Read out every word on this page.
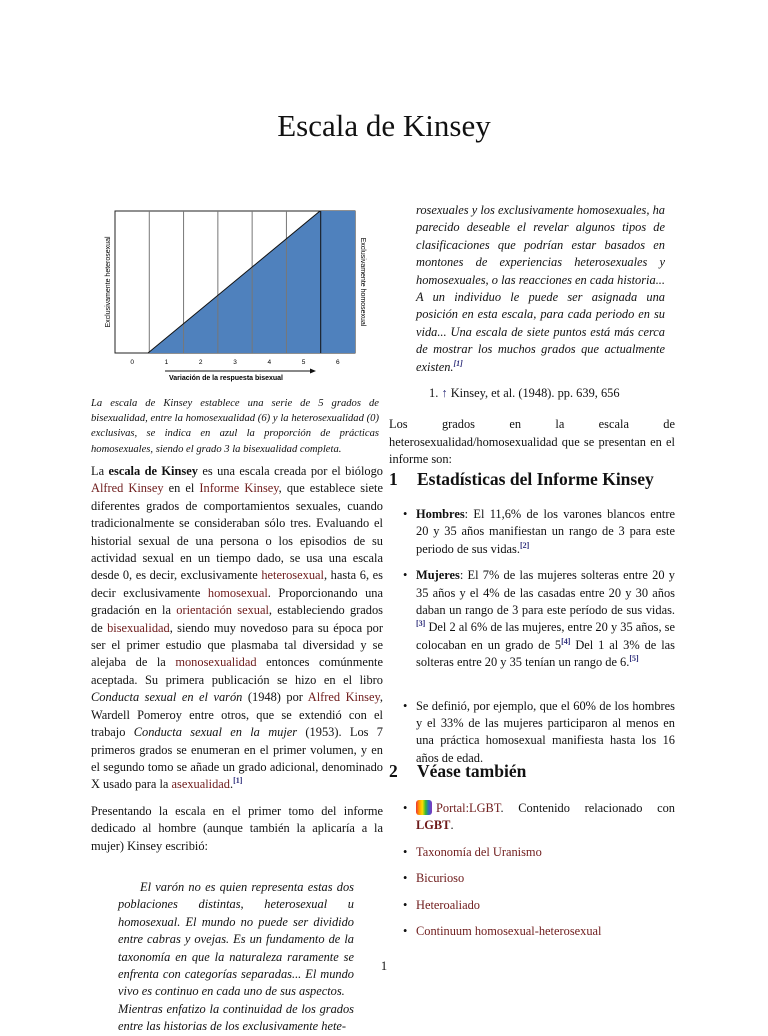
Escala de Kinsey
Exclusivamente heterosexual	Exclusivamente homosexual
0	1	2	3	4	5	6
Variación de la respuesta bisexual
La escala de Kinsey establece una serie de 5 grados de bisexualidad, entre la homosexualidad (6) y la heterosexualidad (0) exclusivas, se indica en azul la proporción de prácticas homosexuales, siendo el grado 3 la bisexualidad completa.

La escala de Kinsey es una escala creada por el biólogo Alfred Kinsey en el Informe Kinsey, que establece siete diferentes grados de comportamientos sexuales, cuando tradicionalmente se consideraban sólo tres. Evaluando el historial sexual de una persona o los episodios de su actividad sexual en un tiempo dado, se usa una escala desde 0, es decir, exclusivamente heterosexual, hasta 6, es decir exclusivamente homosexual. Proporcionando una gradación en la orientación sexual, estableciendo grados de bisexualidad, siendo muy novedoso para su época por ser el primer estudio que plasmaba tal diversidad y se alejaba de la monosexualidad entonces comúnmente aceptada. Su primera publicación se hizo en el libro Conducta sexual en el varón (1948) por Alfred Kinsey, Wardell Pomeroy entre otros, que se extendió con el trabajo Conducta sexual en la mujer (1953). Los 7 primeros grados se enumeran en el primer volumen, y en el segundo tomo se añade un grado adicional, denominado X usado para la asexualidad.[1]

Presentando la escala en el primer tomo del informe dedicado al hombre (aunque también la aplicaría a la mujer) Kinsey escribió:

El varón no es quien representa estas dos poblaciones distintas, heterosexual u homosexual. El mundo no puede ser dividido entre cabras y ovejas. Es un fundamento de la taxonomía en que la naturaleza raramente se enfrenta con categorías separadas... El mundo vivo es continuo en cada uno de sus aspectos.

Mientras enfatizo la continuidad de los grados entre las historias de los exclusivamente hete-

rosexuales y los exclusivamente homosexuales, ha parecido deseable el revelar algunos tipos de clasificaciones que podrían estar basados en montones de experiencias heterosexuales y homosexuales, o las reacciones en cada historia... A un individuo le puede ser asignada una posición en esta escala, para cada periodo en su vida... Una escala de siete puntos está más cerca de mostrar los muchos grados que actualmente existen.[1]

1. ↑ Kinsey, et al. (1948). pp. 639, 656

Los grados en la escala de heterosexualidad/homosexualidad que se presentan en el informe son:

1 Estadísticas del Informe Kinsey
• Hombres: El 11,6% de los varones blancos entre 20 y 35 años manifiestan un rango de 3 para este periodo de sus vidas.[2]
• Mujeres: El 7% de las mujeres solteras entre 20 y 35 años y el 4% de las casadas entre 20 y 30 años daban un rango de 3 para este período de sus vidas.[3] Del 2 al 6% de las mujeres, entre 20 y 35 años, se colocaban en un grado de 5[4] Del 1 al 3% de las solteras entre 20 y 35 tenían un rango de 6.[5]
• Se definió, por ejemplo, que el 60% de los hombres y el 33% de las mujeres participaron al menos en una práctica homosexual manifiesta hasta los 16 años de edad.
2 Véase también
• Portal:LGBT. Contenido relacionado con LGBT.
• Taxonomía del Uranismo
• Bicurioso
• Heteroaliado
• Continuum homosexual-heterosexual
1
